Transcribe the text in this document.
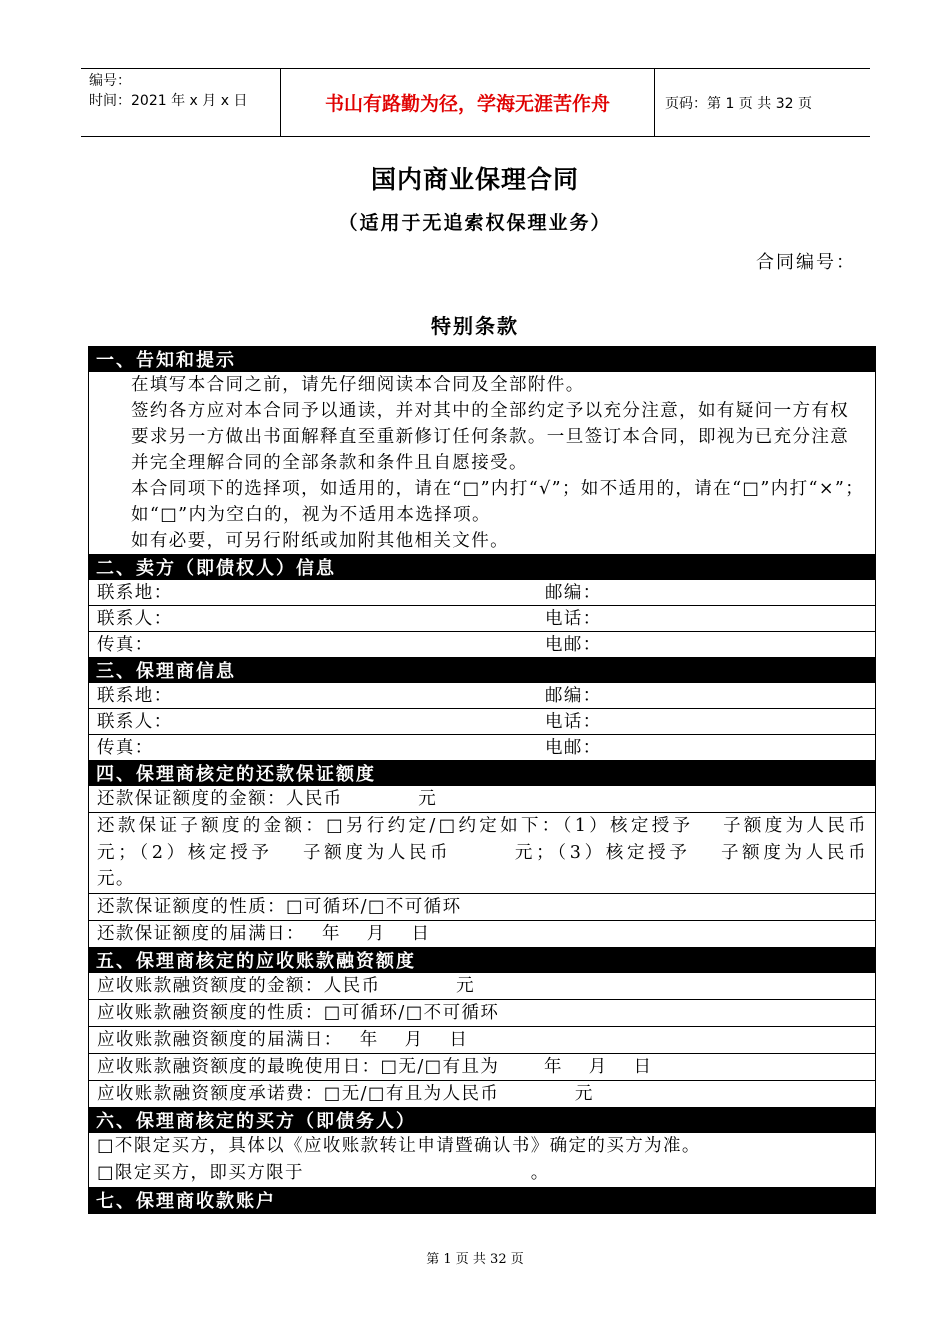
编号：
时间：2021 年 x 月 x 日	书山有路勤为径，学海无涯苦作舟	页码：第 1 页 共 32 页
国内商业保理合同
（适用于无追索权保理业务）
合同编号：
特别条款
一、告知和提示
在填写本合同之前，请先仔细阅读本合同及全部附件。
签约各方应对本合同予以通读，并对其中的全部约定予以充分注意，如有疑问一方有权要求另一方做出书面解释直至重新修订任何条款。一旦签订本合同，即视为已充分注意并完全理解合同的全部条款和条件且自愿接受。
本合同项下的选择项，如适用的，请在“□”内打“√”；如不适用的，请在“□”内打“×”；如“□”内为空白的，视为不适用本选择项。
如有必要，可另行附纸或加附其他相关文件。
二、卖方（即债权人）信息
联系地：	邮编：
联系人：	电话：
传真：	电邮：
三、保理商信息
联系地：	邮编：
联系人：	电话：
传真：	电邮：
四、保理商核定的还款保证额度
还款保证额度的金额：人民币　　　　元
还款保证子额度的金额：□另行约定/□约定如下：（1）核定授予　 子额度为人民币　　　元；（2）核定授予　 子额度为人民币　　　元；（3）核定授予　 子额度为人民币　　　元。
还款保证额度的性质：□可循环/□不可循环
还款保证额度的届满日：　 年　 月　 日
五、保理商核定的应收账款融资额度
应收账款融资额度的金额：人民币　　　　元
应收账款融资额度的性质：□可循环/□不可循环
应收账款融资额度的届满日：　 年　 月　 日
应收账款融资额度的最晚使用日：□无/□有且为　　 年　 月　 日
应收账款融资额度承诺费：□无/□有且为人民币　　　　元
六、保理商核定的买方（即债务人）
□不限定买方，具体以《应收账款转让申请暨确认书》确定的买方为准。
□限定买方，即买方限于　　　　　　　　　　　　。
七、保理商收款账户
第 1 页 共 32 页
